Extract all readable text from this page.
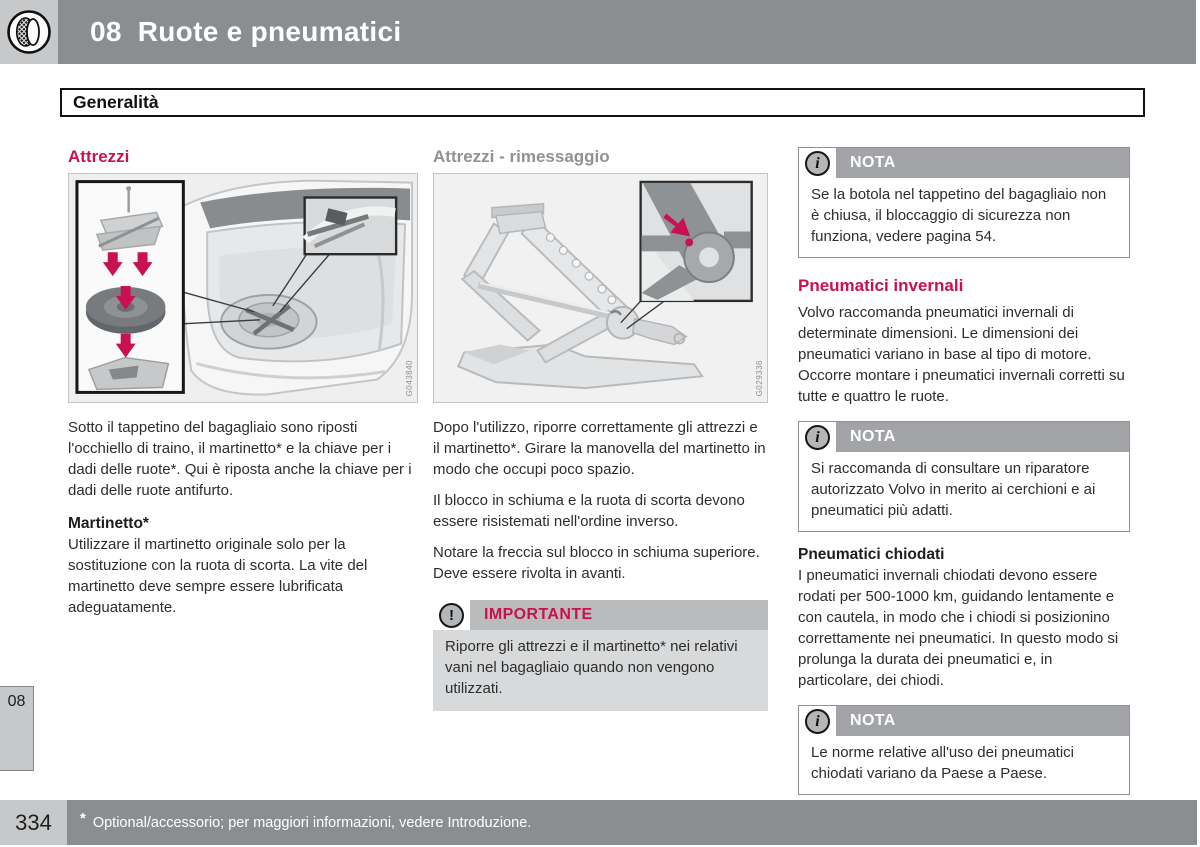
08 Ruote e pneumatici
Generalità
Attrezzi
G043840

Sotto il tappetino del bagagliaio sono riposti l'occhiello di traino, il martinetto* e la chiave per i dadi delle ruote*. Qui è riposta anche la chiave per i dadi delle ruote antifurto.

Martinetto*

Utilizzare il martinetto originale solo per la sostituzione con la ruota di scorta. La vite del martinetto deve sempre essere lubrificata adeguatamente.

Attrezzi - rimessaggio
G029336

Dopo l'utilizzo, riporre correttamente gli attrezzi e il martinetto*. Girare la manovella del martinetto in modo che occupi poco spazio.

Il blocco in schiuma e la ruota di scorta devono essere risistemati nell'ordine inverso.

Notare la freccia sul blocco in schiuma superiore. Deve essere rivolta in avanti.

!	IMPORTANTE

Riporre gli attrezzi e il martinetto* nei relativi vani nel bagagliaio quando non vengono utilizzati.

i	NOTA

Se la botola nel tappetino del bagagliaio non è chiusa, il bloccaggio di sicurezza non funziona, vedere pagina 54.

Pneumatici invernali

Volvo raccomanda pneumatici invernali di determinate dimensioni. Le dimensioni dei pneumatici variano in base al tipo di motore. Occorre montare i pneumatici invernali corretti su tutte e quattro le ruote.

i	NOTA

Si raccomanda di consultare un riparatore autorizzato Volvo in merito ai cerchioni e ai pneumatici più adatti.

Pneumatici chiodati

I pneumatici invernali chiodati devono essere rodati per 500-1000 km, guidando lentamente e con cautela, in modo che i chiodi si posizionino correttamente nei pneumatici. In questo modo si prolunga la durata dei pneumatici e, in particolare, dei chiodi.

i	NOTA

Le norme relative all'uso dei pneumatici chiodati variano da Paese a Paese.

08
334	* Optional/accessorio; per maggiori informazioni, vedere Introduzione.
